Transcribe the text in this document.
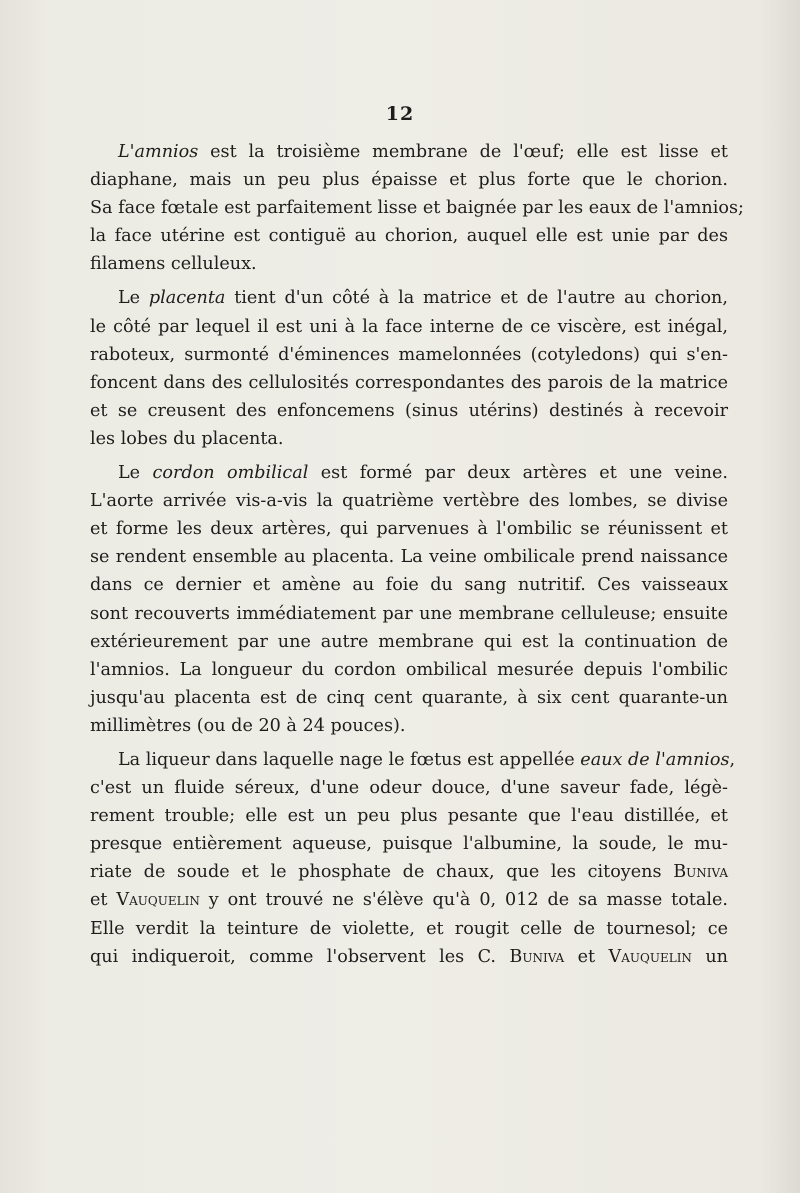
12
L'amnios est la troisième membrane de l'œuf; elle est lisse et
diaphane, mais un peu plus épaisse et plus forte que le chorion.
Sa face fœtale est parfaitement lisse et baignée par les eaux de l'amnios;
la face utérine est contiguë au chorion, auquel elle est unie par des
filamens celluleux.
Le placenta tient d'un côté à la matrice et de l'autre au chorion,
le côté par lequel il est uni à la face interne de ce viscère, est inégal,
raboteux, surmonté d'éminences mamelonnées (cotyledons) qui s'en-
foncent dans des cellulosités correspondantes des parois de la matrice
et se creusent des enfoncemens (sinus utérins) destinés à recevoir
les lobes du placenta.
Le cordon ombilical est formé par deux artères et une veine.
L'aorte arrivée vis-a-vis la quatrième vertèbre des lombes, se divise
et forme les deux artères, qui parvenues à l'ombilic se réunissent et
se rendent ensemble au placenta. La veine ombilicale prend naissance
dans ce dernier et amène au foie du sang nutritif. Ces vaisseaux
sont recouverts immédiatement par une membrane celluleuse; ensuite
extérieurement par une autre membrane qui est la continuation de
l'amnios. La longueur du cordon ombilical mesurée depuis l'ombilic
jusqu'au placenta est de cinq cent quarante, à six cent quarante-un
millimètres (ou de 20 à 24 pouces).
La liqueur dans laquelle nage le fœtus est appellée eaux de l'amnios,
c'est un fluide séreux, d'une odeur douce, d'une saveur fade, légè-
rement trouble; elle est un peu plus pesante que l'eau distillée, et
presque entièrement aqueuse, puisque l'albumine, la soude, le mu-
riate de soude et le phosphate de chaux, que les citoyens Buniva
et Vauquelin y ont trouvé ne s'élève qu'à 0, 012 de sa masse totale.
Elle verdit la teinture de violette, et rougit celle de tournesol; ce
qui indiqueroit, comme l'observent les C. Buniva et Vauquelin un
